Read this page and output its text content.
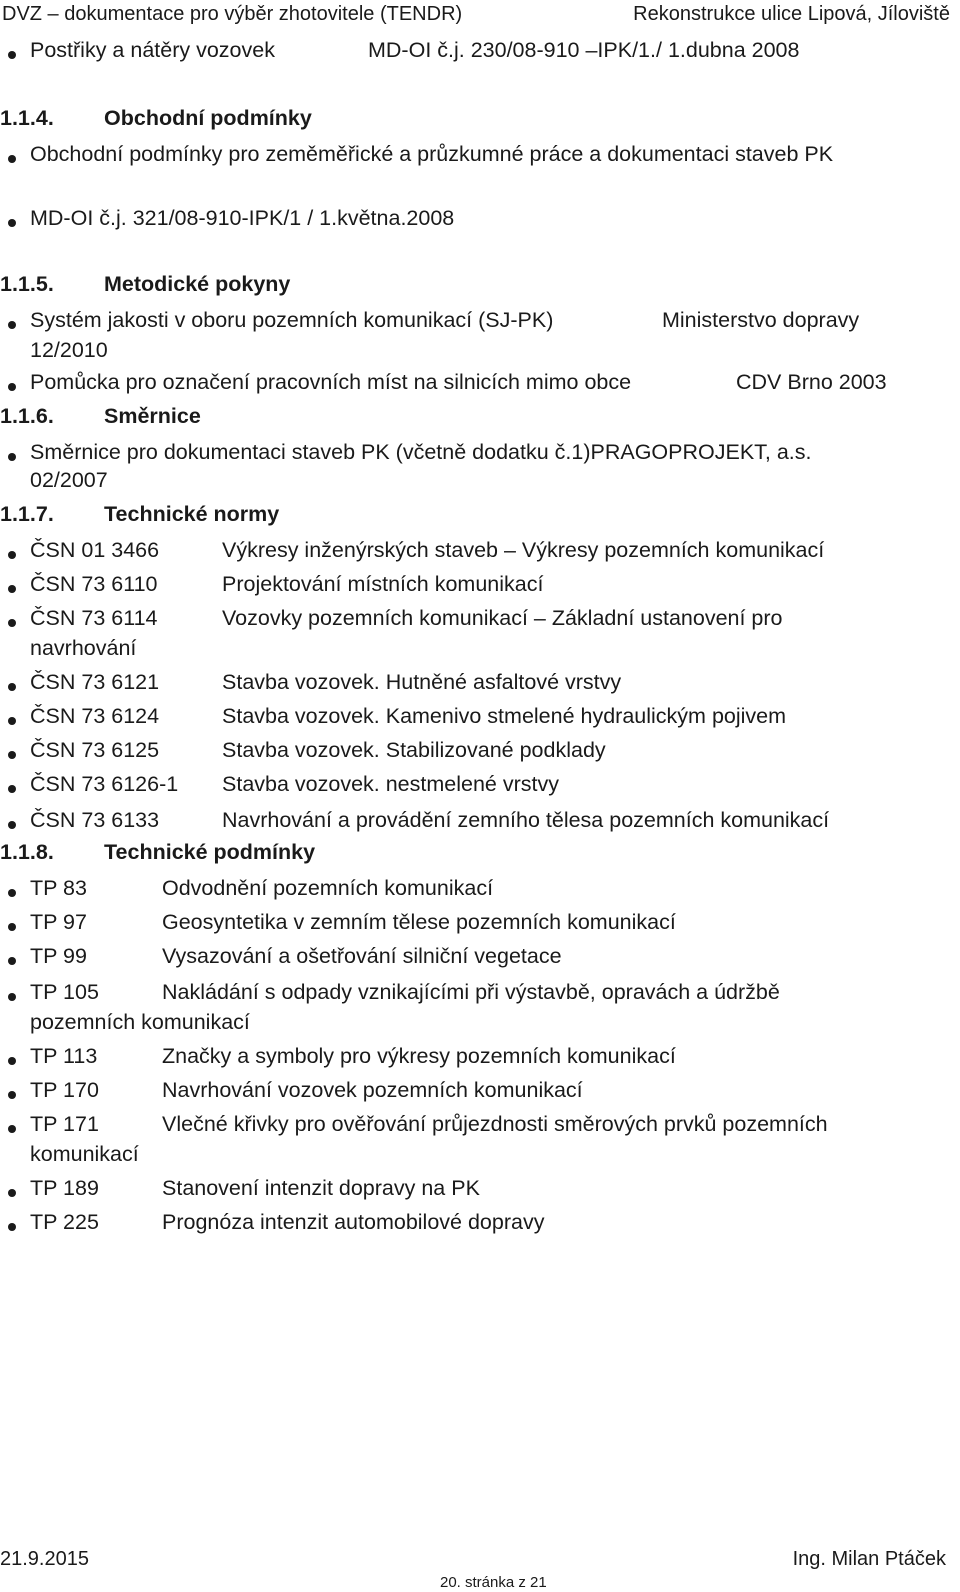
DVZ – dokumentace pro výběr zhotovitele (TENDR)	Rekonstrukce ulice Lipová, Jíloviště
Postřiky a nátěry vozovek	MD-OI č.j. 230/08-910 –IPK/1./ 1.dubna 2008
1.1.4. Obchodní podmínky
Obchodní podmínky pro zeměměřické a průzkumné práce a dokumentaci staveb PK
MD-OI č.j. 321/08-910-IPK/1 / 1.května.2008
1.1.5. Metodické pokyny
Systém jakosti v oboru pozemních komunikací (SJ-PK)	Ministerstvo dopravy
12/2010
Pomůcka pro označení pracovních míst na silnicích mimo obce	CDV Brno 2003
1.1.6. Směrnice
Směrnice pro dokumentaci staveb PK (včetně dodatku č.1)PRAGOPROJEKT, a.s.
02/2007
1.1.7. Technické normy
ČSN 01 3466	Výkresy inženýrských staveb – Výkresy pozemních komunikací
ČSN 73 6110	Projektování místních komunikací
ČSN 73 6114	Vozovky pozemních komunikací – Základní ustanovení pro
navrhování
ČSN 73 6121	Stavba vozovek. Hutněné asfaltové vrstvy
ČSN 73 6124	Stavba vozovek. Kamenivo stmelené hydraulickým pojivem
ČSN 73 6125	Stavba vozovek. Stabilizované podklady
ČSN 73 6126-1 Stavba vozovek. nestmelené vrstvy
ČSN 73 6133	Navrhování a provádění zemního tělesa pozemních komunikací
1.1.8. Technické podmínky
TP 83	Odvodnění pozemních komunikací
TP 97	Geosyntetika v zemním tělese pozemních komunikací
TP 99	Vysazování a ošetřování silniční vegetace
TP 105	Nakládání s odpady vznikajícími při výstavbě, opravách a údržbě
pozemních komunikací
TP 113	Značky a symboly pro výkresy pozemních komunikací
TP 170	Navrhování vozovek pozemních komunikací
TP 171	Vlečné křivky pro ověřování průjezdnosti směrových prvků pozemních
komunikací
TP 189	Stanovení intenzit dopravy na PK
TP 225	Prognóza intenzit automobilové dopravy
21.9.2015	Ing. Milan Ptáček
20. stránka z 21
